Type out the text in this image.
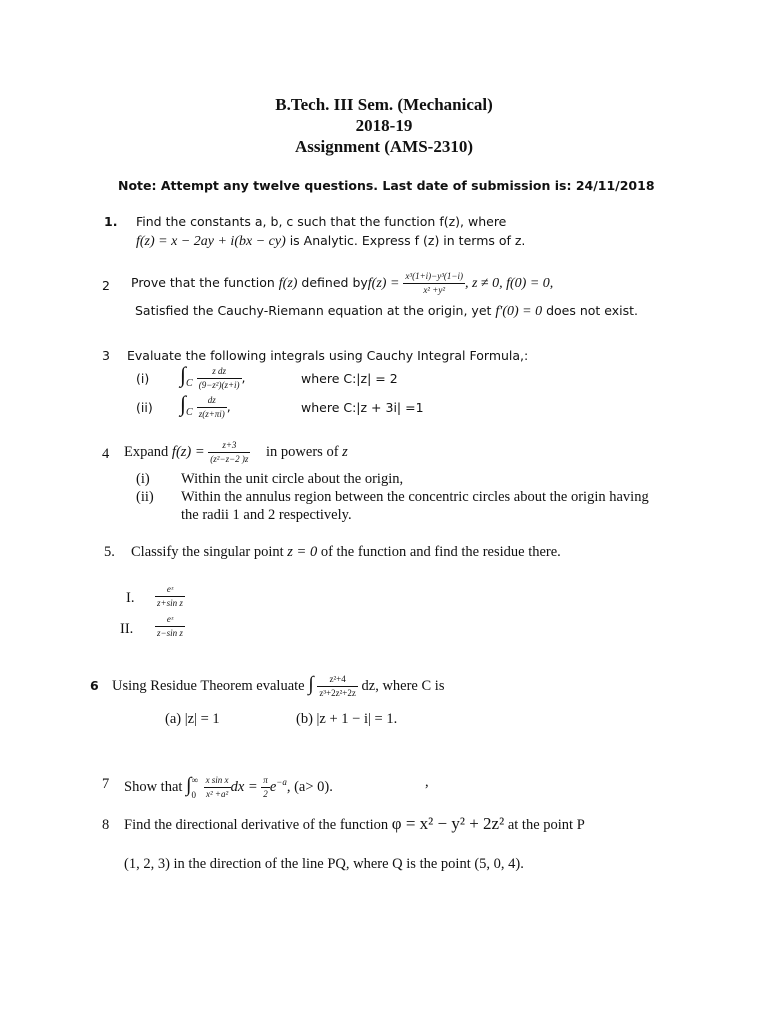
B.Tech. III Sem. (Mechanical)
2018-19
Assignment (AMS-2310)
Note: Attempt any twelve questions. Last date of submission is: 24/11/2018
1. Find the constants a, b, c such that the function f(z), where
f(z) = x − 2ay + i(bx − cy) is Analytic. Express f (z) in terms of z.
2 Prove that the function f(z) defined $byf(z) = \frac{\text{x³(1+i)−y³(1−i)}}{\text{x² +y²}}$ , z ≠ 0, f(0) = 0,
Satisfied the Cauchy-Riemann equation at the origin, yet f′(0) = 0 does not exist.
3 Evaluate the following integrals using Cauchy Integral Formula,:
(i) $\int_C \frac{\text{z dz}}{\text{(9−z²)(z+i)}}$ ,	where C:|z| = 2
(ii) $\int_C \frac{dz}{z(z+\pi i)}$ ,	where C:|z + 3i| =1
4 Expand $f(z) = \frac{z+3}{\text{(z²−z−2 )z}}$ in powers of z
(i) Within the unit circle about the origin,
(ii) Within the annulus region between the concentric circles about the origin having
the radii 1 and 2 respectively.
5. Classify the singular point z = 0 of the function and find the residue there.
I. $\frac{\text{eᶻ}}{\text{z+sin z}}$
II. $\frac{\text{eᶻ}}{\text{z−sin z}}$
6 Using Residue Theorem evaluate ∫ $\frac{\text{z²+4}}{\text{z³+2z²+2z}}$ dz, where C is
(a) |z| = 1	(b) |z + 1 − i| = 1.
7 Show that ∫ ∞
0
$\frac{\text{x sin x}}{\text{x² +a²}}$ dx = $\frac{\pi}{2} e^{-a}$, (a> 0).	,
8 Find the directional derivative of the function φ = x² − y² + 2z² at the point P
(1, 2, 3) in the direction of the line PQ, where Q is the point (5, 0, 4).
